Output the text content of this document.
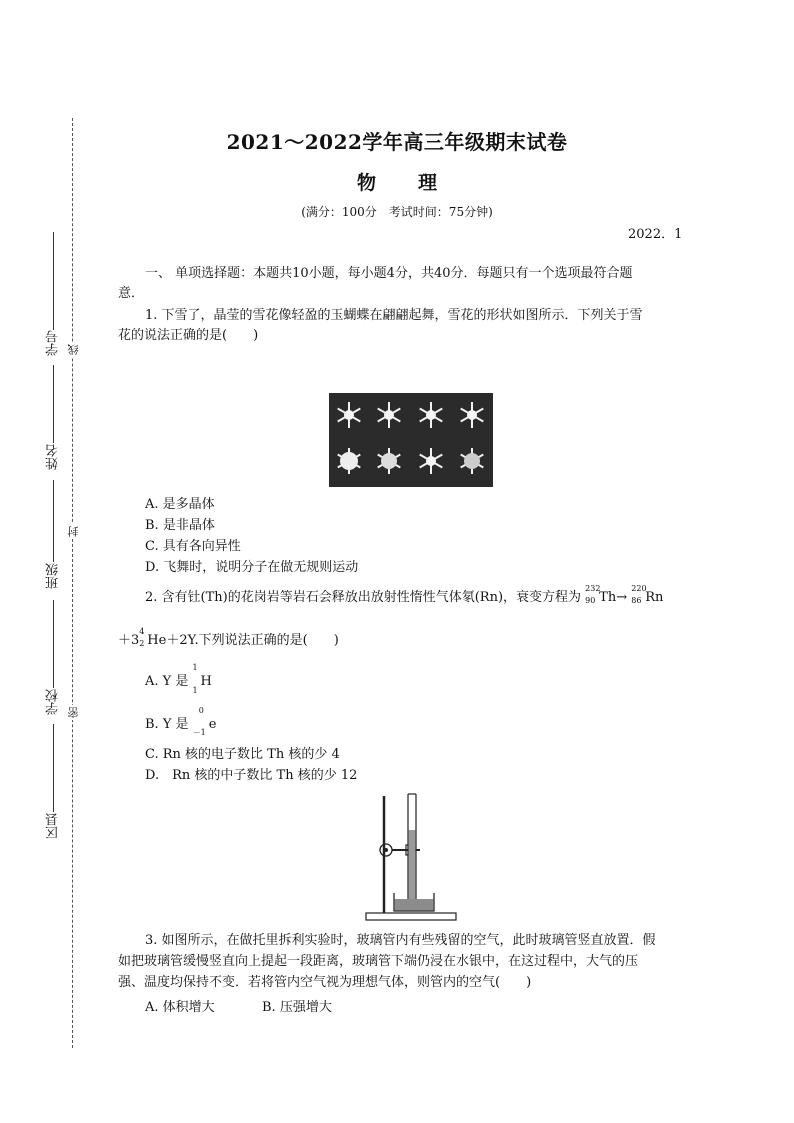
学号
姓名
班级
学校
区县
线
封
密
2021～2022学年高三年级期末试卷
物理
(满分：100分　考试时间：75分钟)
2022．1
一、 单项选择题：本题共10小题，每小题4分，共40分．每题只有一个选项最符合题
意．
1. 下雪了，晶莹的雪花像轻盈的玉蝴蝶在翩翩起舞，雪花的形状如图所示．下列关于雪
花的说法正确的是(　　)
A. 是多晶体
B. 是非晶体
C. 具有各向异性
D. 飞舞时，说明分子在做无规则运动
2. 含有钍(Th)的花岗岩等岩石会释放出放射性惰性气体氡(Rn)，衰变方程为
232
90 Th→
220
86 Rn
＋3
4
2 He＋2Y.下列说法正确的是(　　)
A. Y 是
1
1
H
B. Y 是
0
－1
e
C. Rn 核的电子数比 Th 核的少 4
D.　Rn 核的中子数比 Th 核的少 12
3. 如图所示，在做托里拆利实验时，玻璃管内有些残留的空气，此时玻璃管竖直放置．假
如把玻璃管缓慢竖直向上提起一段距离，玻璃管下端仍浸在水银中，在这过程中，大气的压
强、温度均保持不变．若将管内空气视为理想气体，则管内的空气(　　)
A. 体积增大	B. 压强增大
